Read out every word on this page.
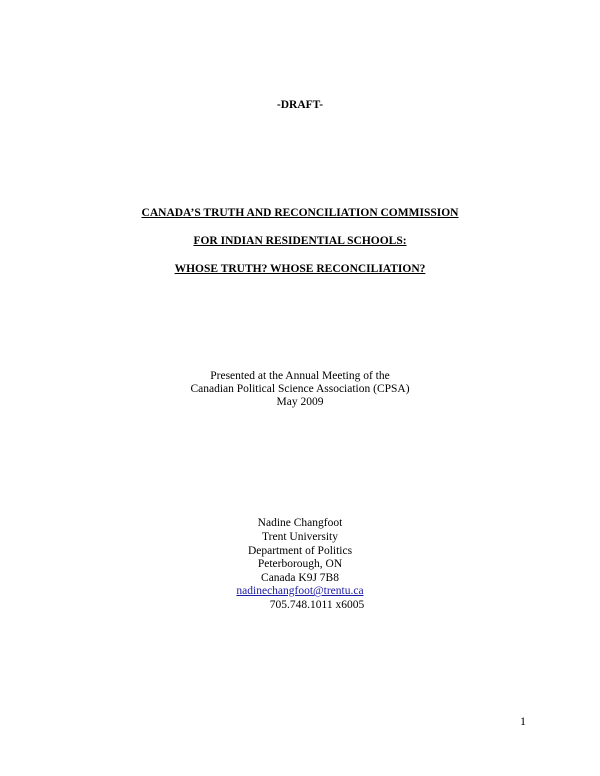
-DRAFT-
CANADA’S TRUTH AND RECONCILIATION COMMISSION
FOR INDIAN RESIDENTIAL SCHOOLS:
WHOSE TRUTH? WHOSE RECONCILIATION?
Presented at the Annual Meeting of the
Canadian Political Science Association (CPSA)
May 2009
Nadine Changfoot
Trent University
Department of Politics
Peterborough, ON
Canada K9J 7B8
nadinechangfoot@trentu.ca
705.748.1011 x6005
1
